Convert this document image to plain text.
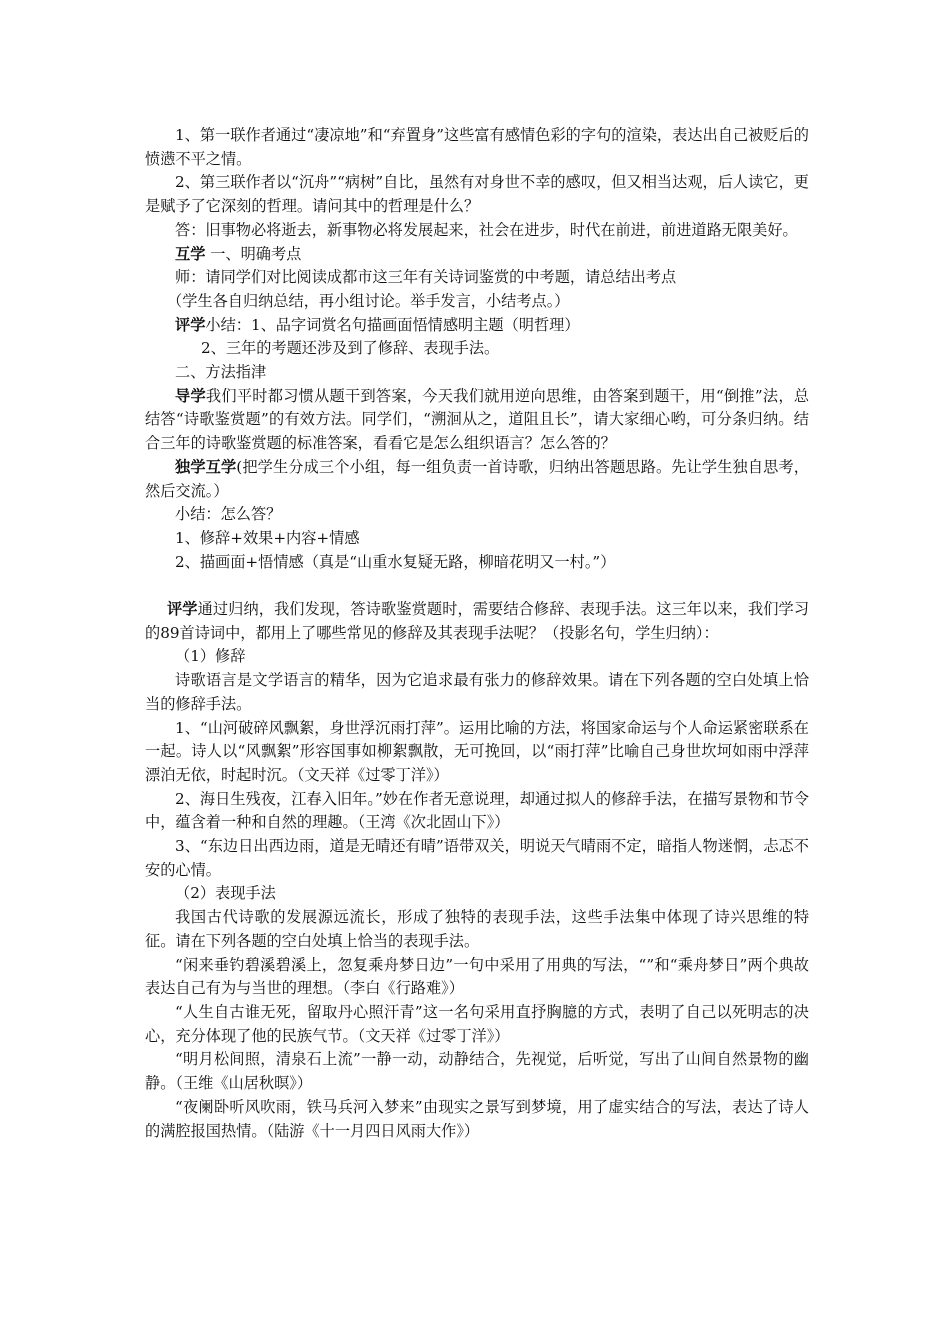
1、第一联作者通过“凄凉地”和“弃置身”这些富有感情色彩的字句的渲染，表达出自己被贬后的愤懑不平之情。

2、第三联作者以“沉舟”“病树”自比，虽然有对身世不幸的感叹，但又相当达观，后人读它，更是赋予了它深刻的哲理。请问其中的哲理是什么？

答：旧事物必将逝去，新事物必将发展起来，社会在进步，时代在前进，前进道路无限美好。

互学 一、明确考点

师：请同学们对比阅读成都市这三年有关诗词鉴赏的中考题，请总结出考点

（学生各自归纳总结，再小组讨论。举手发言，小结考点。）

评学小结：1、品字词赏名句描画面悟情感明主题（明哲理）

2、三年的考题还涉及到了修辞、表现手法。

二、方法指津

导学我们平时都习惯从题干到答案，今天我们就用逆向思维，由答案到题干，用“倒推”法，总结答“诗歌鉴赏题”的有效方法。同学们，“溯洄从之，道阻且长”，请大家细心哟，可分条归纳。结合三年的诗歌鉴赏题的标准答案，看看它是怎么组织语言？怎么答的？

独学互学(把学生分成三个小组，每一组负责一首诗歌，归纳出答题思路。先让学生独自思考，然后交流。）

小结：怎么答？

1、修辞+效果+内容+情感

2、描画面+悟情感（真是“山重水复疑无路，柳暗花明又一村。”）

评学通过归纳，我们发现，答诗歌鉴赏题时，需要结合修辞、表现手法。这三年以来，我们学习的89首诗词中，都用上了哪些常见的修辞及其表现手法呢？（投影名句，学生归纳）：

（1）修辞

诗歌语言是文学语言的精华，因为它追求最有张力的修辞效果。请在下列各题的空白处填上恰当的修辞手法。

1、“山河破碎风飘絮，身世浮沉雨打萍”。运用比喻的方法，将国家命运与个人命运紧密联系在一起。诗人以“风飘絮”形容国事如柳絮飘散，无可挽回，以“雨打萍”比喻自己身世坎坷如雨中浮萍漂泊无依，时起时沉。（文天祥《过零丁洋》）

2、海日生残夜，江春入旧年。”妙在作者无意说理，却通过拟人的修辞手法，在描写景物和节令中，蕴含着一种和自然的理趣。（王湾《次北固山下》）

3、“东边日出西边雨，道是无晴还有晴”语带双关，明说天气晴雨不定，暗指人物迷惘，忐忑不安的心情。

（2）表现手法

我国古代诗歌的发展源远流长，形成了独特的表现手法，这些手法集中体现了诗兴思维的特征。请在下列各题的空白处填上恰当的表现手法。

“闲来垂钓碧溪碧溪上，忽复乘舟梦日边”一句中采用了用典的写法，“”和“乘舟梦日”两个典故表达自己有为与当世的理想。（李白《行路难》）

“人生自古谁无死，留取丹心照汗青”这一名句采用直抒胸臆的方式，表明了自己以死明志的决心，充分体现了他的民族气节。（文天祥《过零丁洋》）

“明月松间照，清泉石上流”一静一动，动静结合，先视觉，后听觉，写出了山间自然景物的幽静。（王维《山居秋暝》）

“夜阑卧听风吹雨，铁马兵河入梦来”由现实之景写到梦境，用了虚实结合的写法，表达了诗人的满腔报国热情。（陆游《十一月四日风雨大作》）
